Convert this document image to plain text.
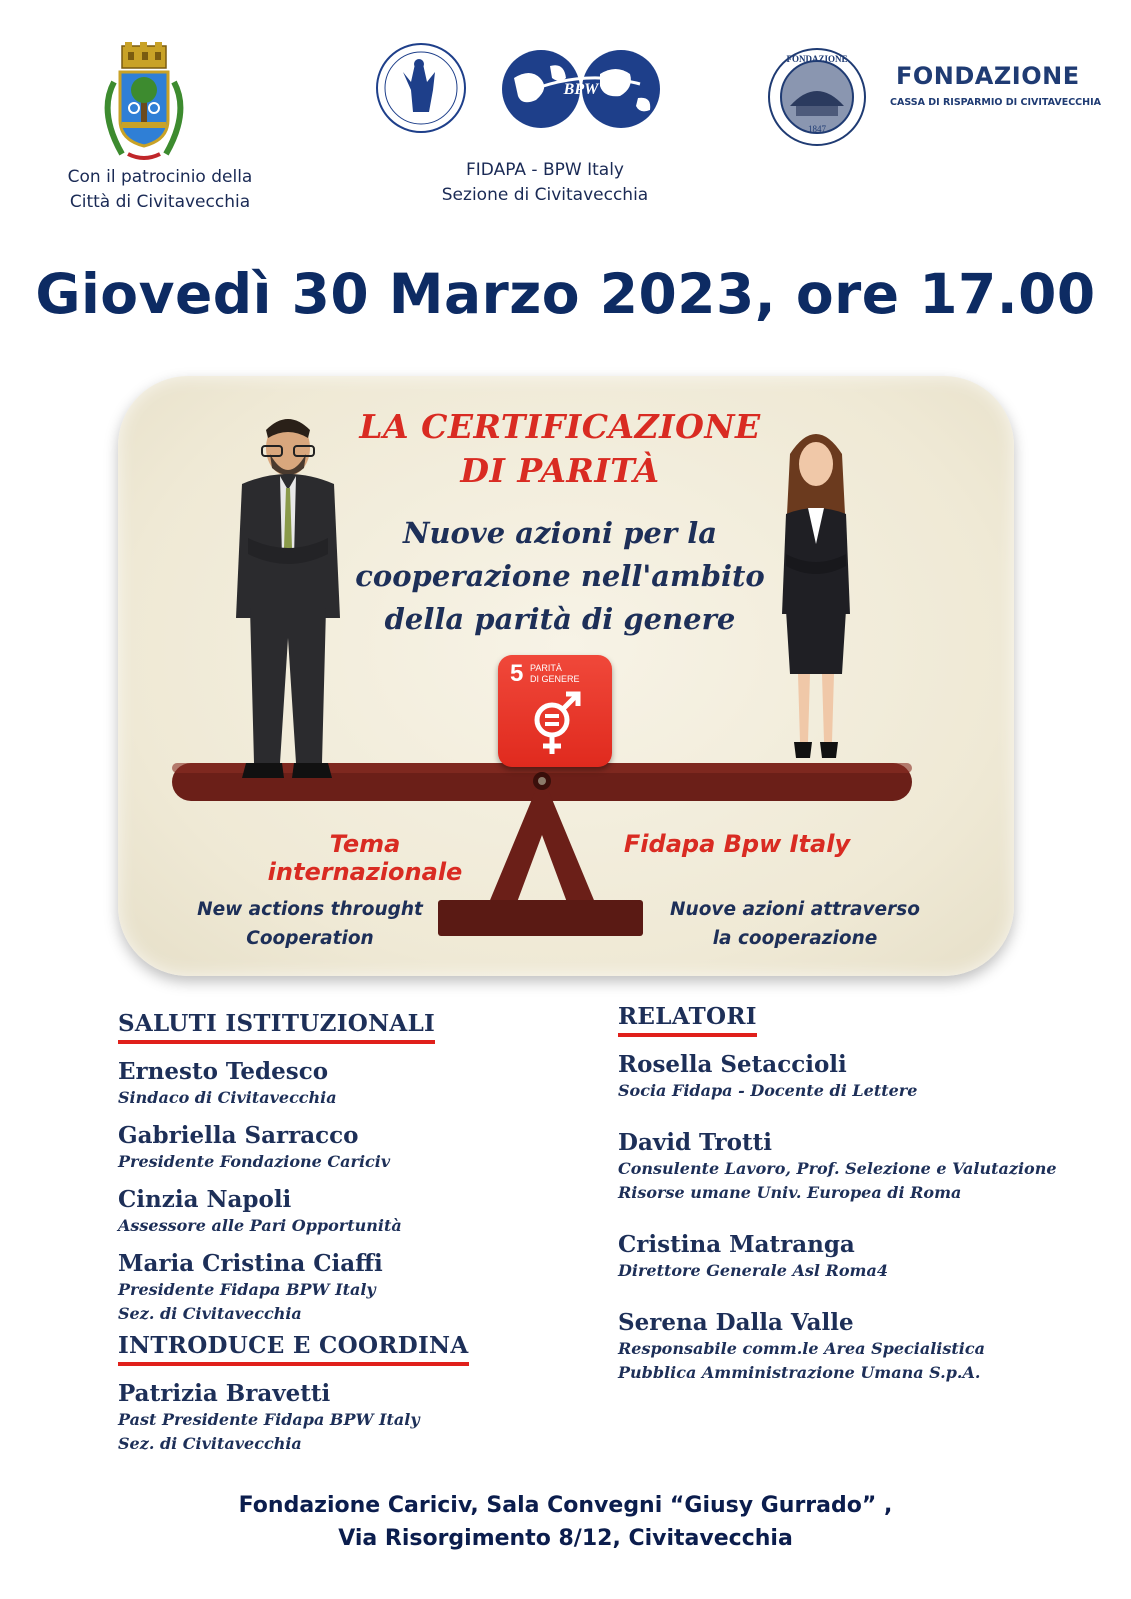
Con il patrocinio della
Città di Civitavecchia
BPW
FIDAPA - BPW Italy
Sezione di Civitavecchia
FONDAZIONE
1847
FONDAZIONE
CASSA DI RISPARMIO DI CIVITAVECCHIA
Giovedì 30 Marzo 2023, ore 17.00
LA CERTIFICAZIONE
DI PARITÀ
Nuove azioni per la
cooperazione nell'ambito
della parità di genere
5 PARITÀ
DI GENERE
Tema internazionale
Fidapa Bpw Italy
New actions throught
Cooperation
Nuove azioni attraverso
la cooperazione
SALUTI ISTITUZIONALI
Ernesto Tedesco
Sindaco di Civitavecchia
Gabriella Sarracco
Presidente Fondazione Cariciv
Cinzia Napoli
Assessore alle Pari Opportunità
Maria Cristina Ciaffi
Presidente Fidapa BPW Italy
Sez. di Civitavecchia
INTRODUCE E COORDINA
Patrizia Bravetti
Past Presidente Fidapa BPW Italy
Sez. di Civitavecchia
RELATORI
Rosella Setaccioli
Socia Fidapa - Docente di Lettere
David Trotti
Consulente Lavoro, Prof. Selezione e Valutazione
Risorse umane Univ. Europea di Roma
Cristina Matranga
Direttore Generale Asl Roma4
Serena Dalla Valle
Responsabile comm.le Area Specialistica
Pubblica Amministrazione Umana S.p.A.
Fondazione Cariciv, Sala Convegni “Giusy Gurrado” ,
Via Risorgimento 8/12, Civitavecchia
